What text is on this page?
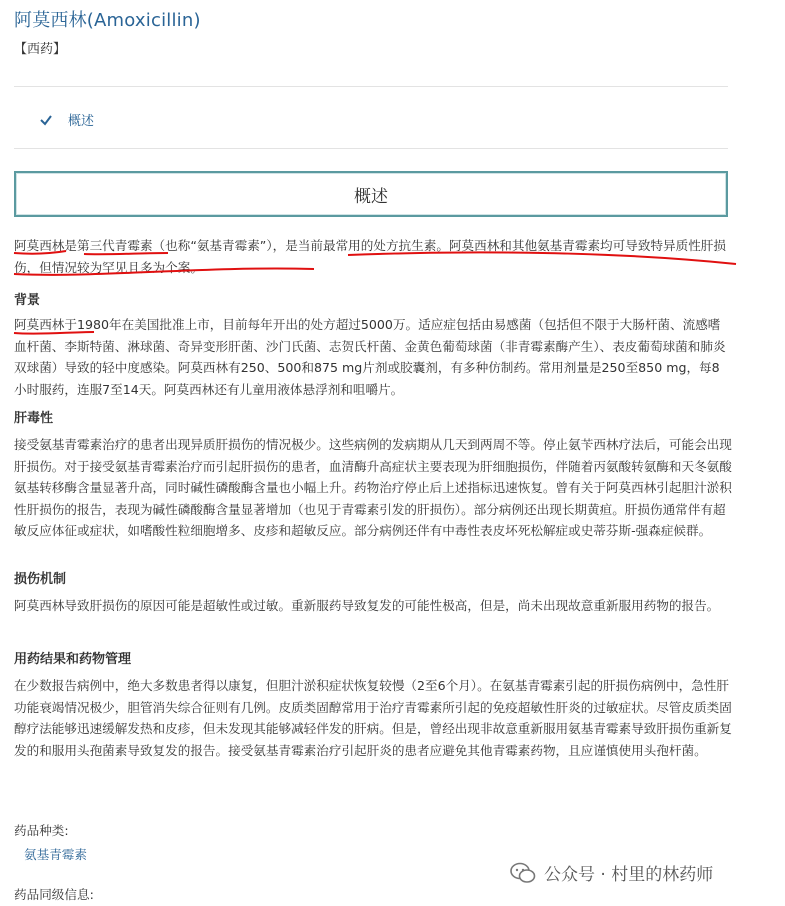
阿莫西林(Amoxicillin)
【西药】
概述
概述
阿莫西林是第三代青霉素（也称“氨基青霉素”），是当前最常用的处方抗生素。阿莫西林和其他氨基青霉素均可导致特异质性肝损伤，但情况较为罕见且多为个案。
背景
阿莫西林于1980年在美国批准上市，目前每年开出的处方超过5000万。适应症包括由易感菌（包括但不限于大肠杆菌、流感嗜血杆菌、李斯特菌、淋球菌、奇异变形肝菌、沙门氏菌、志贺氏杆菌、金黄色葡萄球菌（非青霉素酶产生）、表皮葡萄球菌和肺炎双球菌）导致的轻中度感染。阿莫西林有250、500和875 mg片剂或胶囊剂，有多种仿制药。常用剂量是250至850 mg，每8小时服药，连服7至14天。阿莫西林还有儿童用液体悬浮剂和咀嚼片。
肝毒性
接受氨基青霉素治疗的患者出现异质肝损伤的情况极少。这些病例的发病期从几天到两周不等。停止氨苄西林疗法后，可能会出现肝损伤。对于接受氨基青霉素治疗而引起肝损伤的患者，血清酶升高症状主要表现为肝细胞损伤，伴随着丙氨酸转氨酶和天冬氨酸氨基转移酶含量显著升高，同时碱性磷酸酶含量也小幅上升。药物治疗停止后上述指标迅速恢复。曾有关于阿莫西林引起胆汁淤积性肝损伤的报告，表现为碱性磷酸酶含量显著增加（也见于青霉素引发的肝损伤）。部分病例还出现长期黄疸。肝损伤通常伴有超敏反应体征或症状，如嗜酸性粒细胞增多、皮疹和超敏反应。部分病例还伴有中毒性表皮坏死松解症或史蒂芬斯-强森症候群。
损伤机制
阿莫西林导致肝损伤的原因可能是超敏性或过敏。重新服药导致复发的可能性极高，但是，尚未出现故意重新服用药物的报告。
用药结果和药物管理
在少数报告病例中，绝大多数患者得以康复，但胆汁淤积症状恢复较慢（2至6个月）。在氨基青霉素引起的肝损伤病例中，急性肝功能衰竭情况极少，胆管消失综合征则有几例。皮质类固醇常用于治疗青霉素所引起的免疫超敏性肝炎的过敏症状。尽管皮质类固醇疗法能够迅速缓解发热和皮疹，但未发现其能够减轻伴发的肝病。但是，曾经出现非故意重新服用氨基青霉素导致肝损伤重新复发的和服用头孢菌素导致复发的报告。接受氨基青霉素治疗引起肝炎的患者应避免其他青霉素药物，且应谨慎使用头孢杆菌。
药品种类:
氨基青霉素
药品同级信息:
公众号 · 村里的林药师
